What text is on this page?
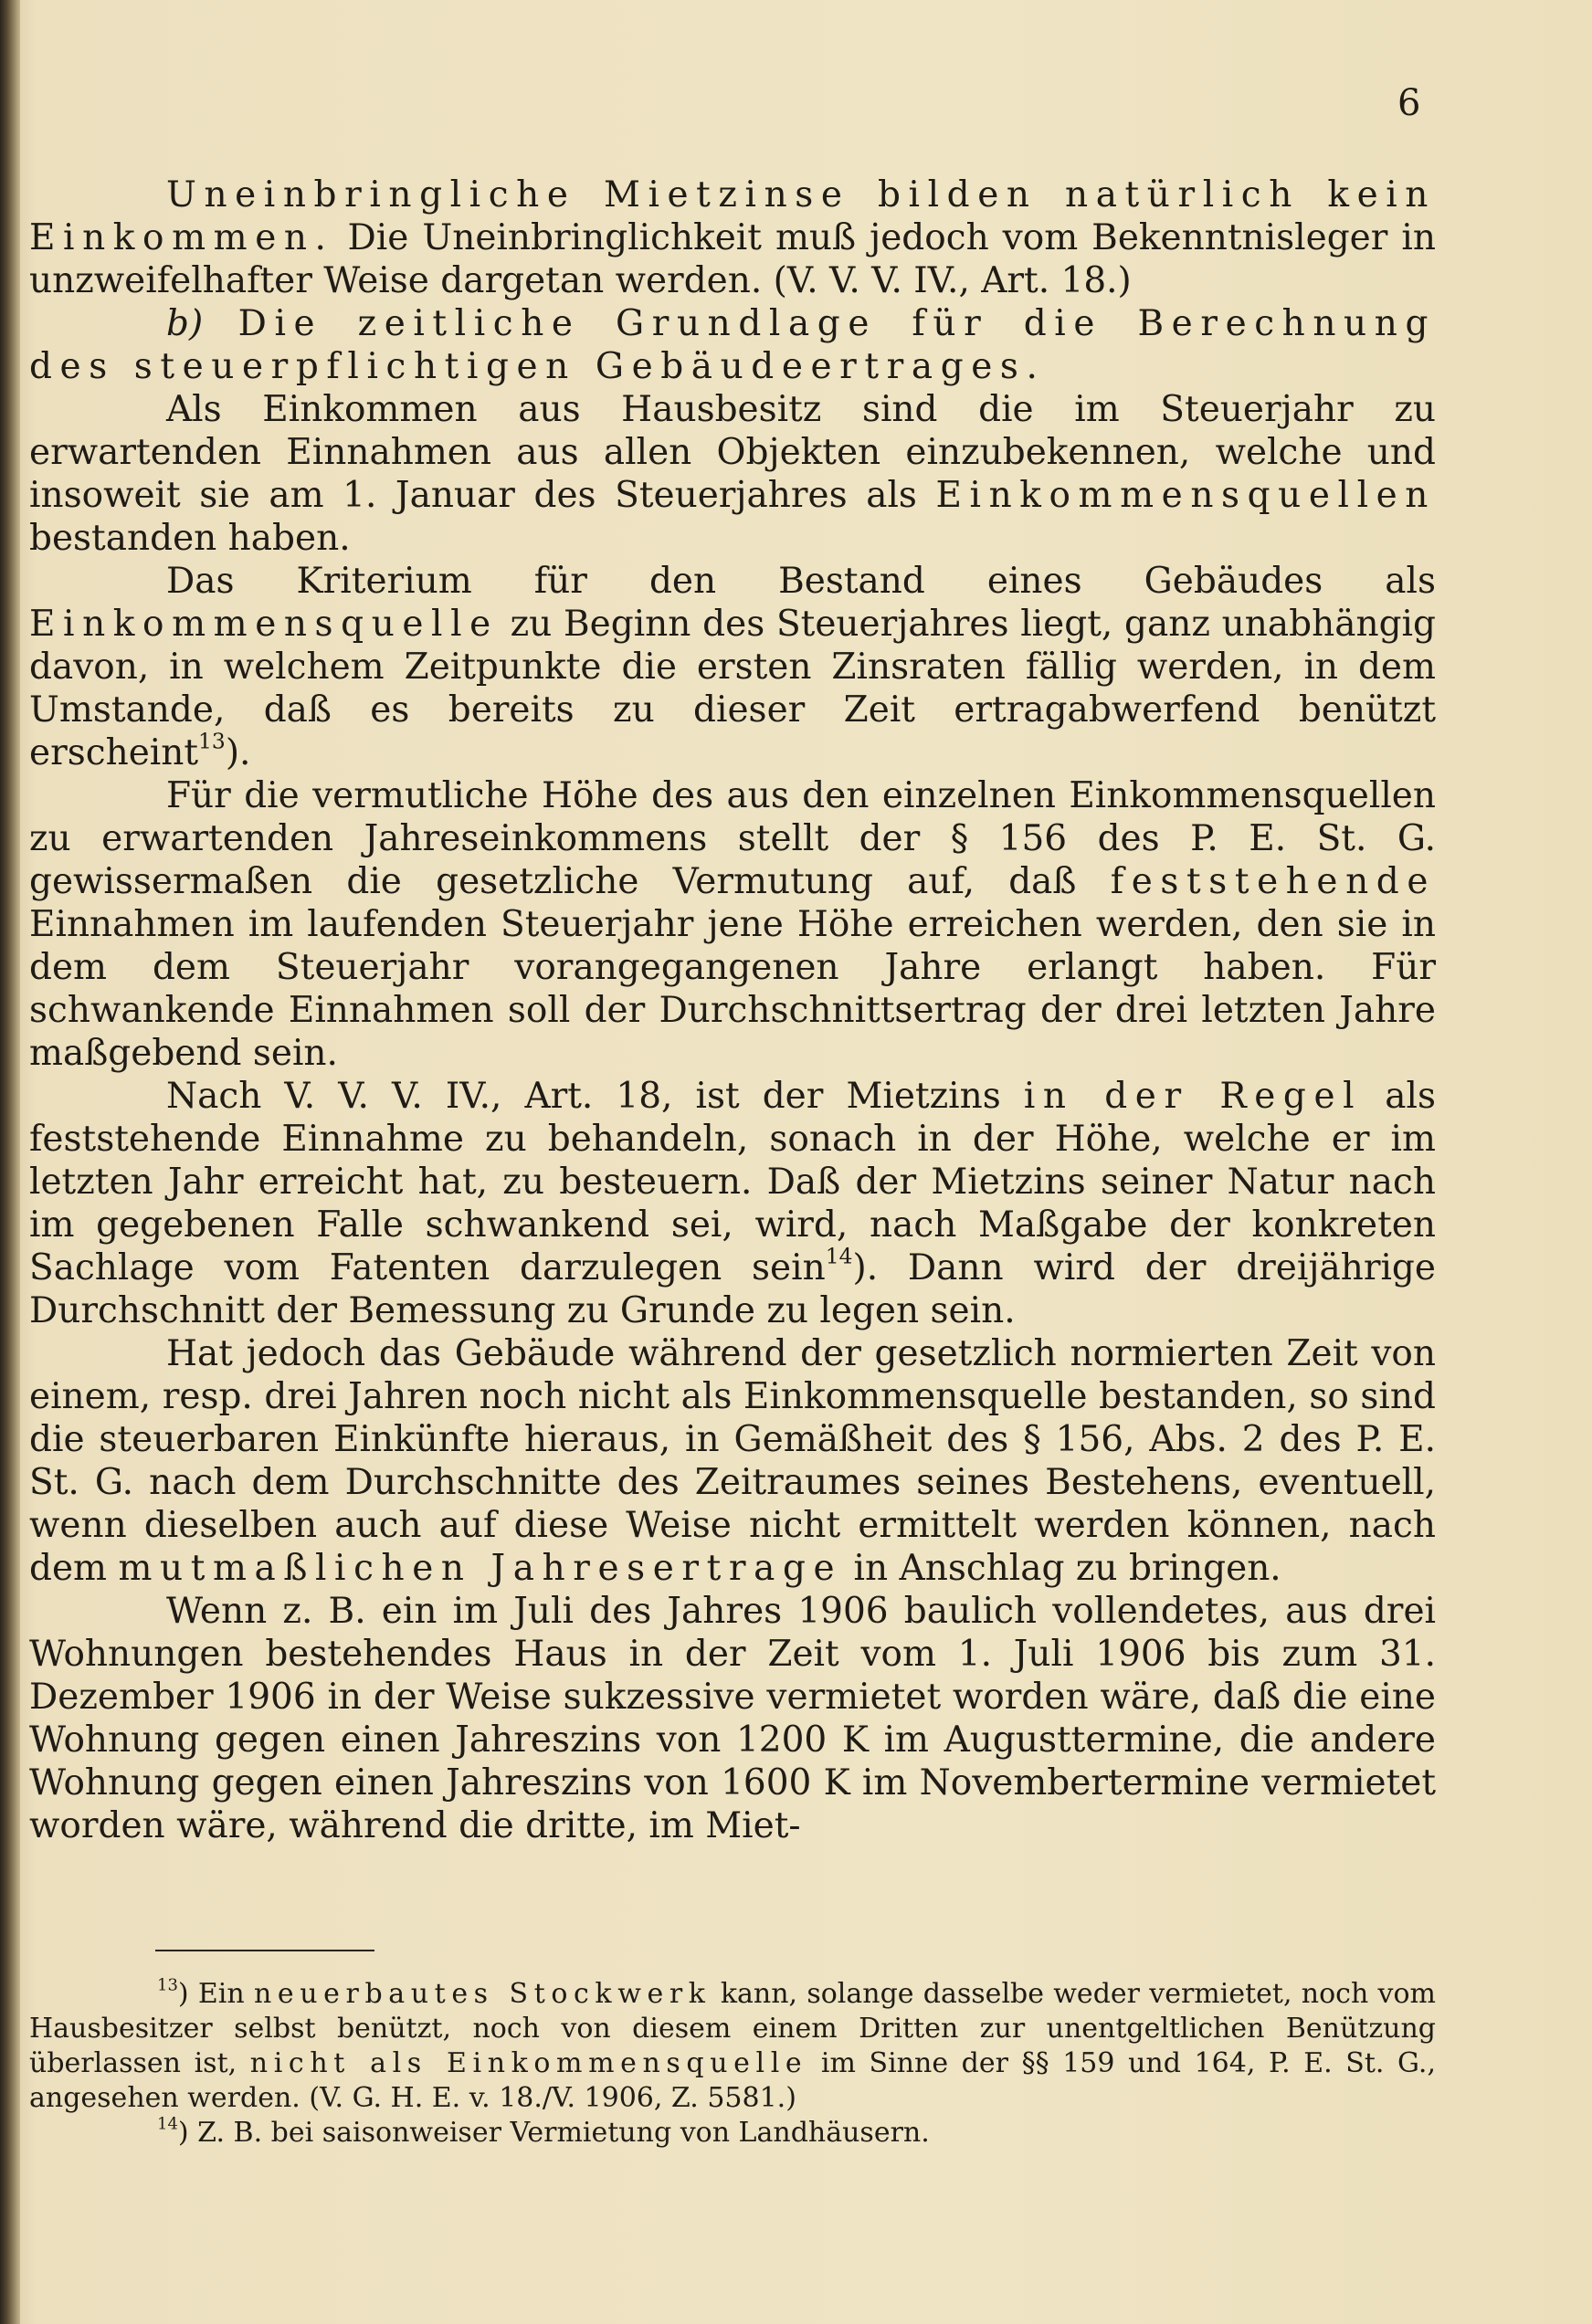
6

Uneinbringliche Mietzinse bilden natürlich kein Einkommen. Die Uneinbringlichkeit muß jedoch vom Bekenntnisleger in unzweifelhafter Weise dargetan werden. (V. V. V. IV., Art. 18.)

b) Die zeitliche Grundlage für die Berechnung des steuerpflichtigen Gebäudeertrages.

Als Einkommen aus Hausbesitz sind die im Steuerjahr zu erwartenden Einnahmen aus allen Objekten einzubekennen, welche und insoweit sie am 1. Januar des Steuerjahres als Einkommensquellen bestanden haben.

Das Kriterium für den Bestand eines Gebäudes als Einkommensquelle zu Beginn des Steuerjahres liegt, ganz unabhängig davon, in welchem Zeitpunkte die ersten Zinsraten fällig werden, in dem Umstande, daß es bereits zu dieser Zeit ertragabwerfend benützt erscheint$^{13}$).

Für die vermutliche Höhe des aus den einzelnen Einkommensquellen zu erwartenden Jahreseinkommens stellt der § 156 des P. E. St. G. gewissermaßen die gesetzliche Vermutung auf, daß feststehende Einnahmen im laufenden Steuerjahr jene Höhe erreichen werden, den sie in dem dem Steuerjahr vorangegangenen Jahre erlangt haben. Für schwankende Einnahmen soll der Durchschnittsertrag der drei letzten Jahre maßgebend sein.

Nach V. V. V. IV., Art. 18, ist der Mietzins in der Regel als feststehende Einnahme zu behandeln, sonach in der Höhe, welche er im letzten Jahr erreicht hat, zu besteuern. Daß der Mietzins seiner Natur nach im gegebenen Falle schwankend sei, wird, nach Maßgabe der konkreten Sachlage vom Fatenten darzulegen sein$^{14}$). Dann wird der dreijährige Durchschnitt der Bemessung zu Grunde zu legen sein.

Hat jedoch das Gebäude während der gesetzlich normierten Zeit von einem, resp. drei Jahren noch nicht als Einkommensquelle bestanden, so sind die steuerbaren Einkünfte hieraus, in Gemäßheit des § 156, Abs. 2 des P. E. St. G. nach dem Durchschnitte des Zeitraumes seines Bestehens, eventuell, wenn dieselben auch auf diese Weise nicht ermittelt werden können, nach dem mutmaßlichen Jahresertrage in Anschlag zu bringen.

Wenn z. B. ein im Juli des Jahres 1906 baulich vollendetes, aus drei Wohnungen bestehendes Haus in der Zeit vom 1. Juli 1906 bis zum 31. Dezember 1906 in der Weise sukzessive vermietet worden wäre, daß die eine Wohnung gegen einen Jahreszins von 1200 K im Augusttermine, die andere Wohnung gegen einen Jahreszins von 1600 K im Novembertermine vermietet worden wäre, während die dritte, im Miet-

$^{13}$) Ein neuerbautes Stockwerk kann, solange dasselbe weder vermietet, noch vom Hausbesitzer selbst benützt, noch von diesem einem Dritten zur unentgeltlichen Benützung überlassen ist, nicht als Einkommensquelle im Sinne der §§ 159 und 164, P. E. St. G., angesehen werden. (V. G. H. E. v. 18./V. 1906, Z. 5581.)

$^{14}$) Z. B. bei saisonweiser Vermietung von Landhäusern.
